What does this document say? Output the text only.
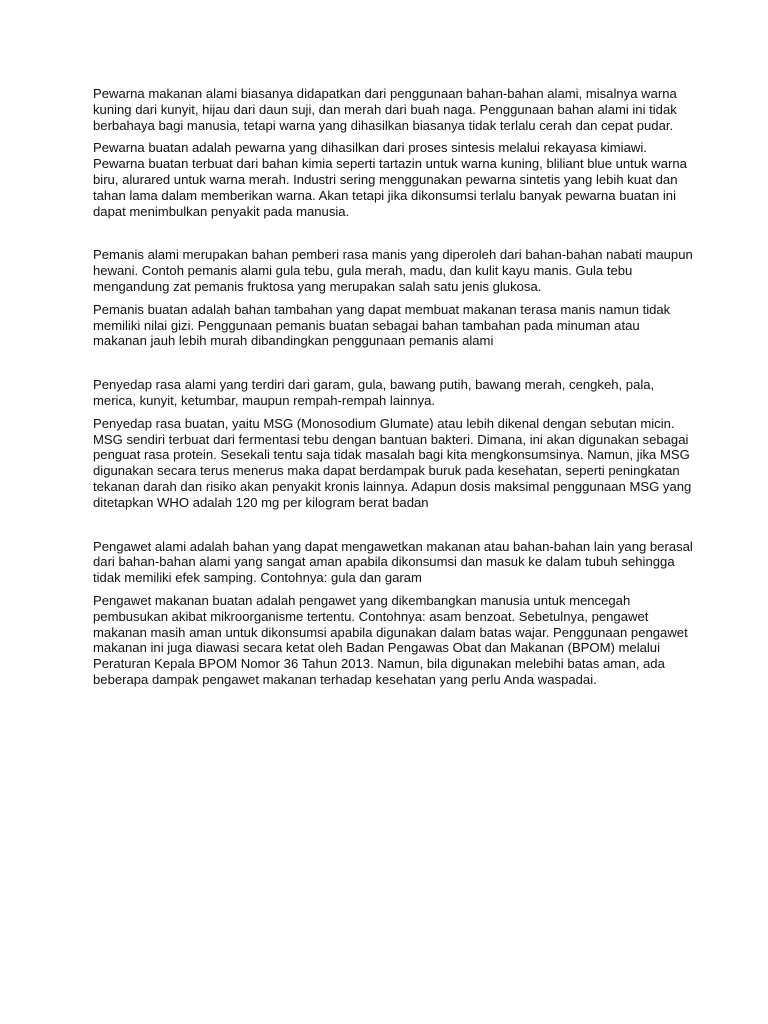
Pewarna makanan alami biasanya didapatkan dari penggunaan bahan-bahan alami, misalnya warna kuning dari kunyit, hijau dari daun suji, dan merah dari buah naga. Penggunaan bahan alami ini tidak berbahaya bagi manusia, tetapi warna yang dihasilkan biasanya tidak terlalu cerah dan cepat pudar.

Pewarna buatan adalah pewarna yang dihasilkan dari proses sintesis melalui rekayasa kimiawi. Pewarna buatan terbuat dari bahan kimia seperti tartazin untuk warna kuning, bliliant blue untuk warna biru, alurared untuk warna merah. Industri sering menggunakan pewarna sintetis yang lebih kuat dan tahan lama dalam memberikan warna. Akan tetapi jika dikonsumsi terlalu banyak pewarna buatan ini dapat menimbulkan penyakit pada manusia.

Pemanis alami merupakan bahan pemberi rasa manis yang diperoleh dari bahan-bahan nabati maupun hewani. Contoh pemanis alami gula tebu, gula merah, madu, dan kulit kayu manis. Gula tebu mengandung zat pemanis fruktosa yang merupakan salah satu jenis glukosa.

Pemanis buatan adalah bahan tambahan yang dapat membuat makanan terasa manis namun tidak memiliki nilai gizi. Penggunaan pemanis buatan sebagai bahan tambahan pada minuman atau makanan jauh lebih murah dibandingkan penggunaan pemanis alami

Penyedap rasa alami yang terdiri dari garam, gula, bawang putih, bawang merah, cengkeh, pala, merica, kunyit, ketumbar, maupun rempah-rempah lainnya.

Penyedap rasa buatan, yaitu MSG (Monosodium Glumate) atau lebih dikenal dengan sebutan micin. MSG sendiri terbuat dari fermentasi tebu dengan bantuan bakteri. Dimana, ini akan digunakan sebagai penguat rasa protein. Sesekali tentu saja tidak masalah bagi kita mengkonsumsinya. Namun, jika MSG digunakan secara terus menerus maka dapat berdampak buruk pada kesehatan, seperti peningkatan tekanan darah dan risiko akan penyakit kronis lainnya. Adapun dosis maksimal penggunaan MSG yang ditetapkan WHO adalah 120 mg per kilogram berat badan

Pengawet alami adalah bahan yang dapat mengawetkan makanan atau bahan-bahan lain yang berasal dari bahan-bahan alami yang sangat aman apabila dikonsumsi dan masuk ke dalam tubuh sehingga tidak memiliki efek samping. Contohnya: gula dan garam

Pengawet makanan buatan adalah pengawet yang dikembangkan manusia untuk mencegah pembusukan akibat mikroorganisme tertentu. Contohnya: asam benzoat. Sebetulnya, pengawet makanan masih aman untuk dikonsumsi apabila digunakan dalam batas wajar. Penggunaan pengawet makanan ini juga diawasi secara ketat oleh Badan Pengawas Obat dan Makanan (BPOM) melalui Peraturan Kepala BPOM Nomor 36 Tahun 2013. Namun, bila digunakan melebihi batas aman, ada beberapa dampak pengawet makanan terhadap kesehatan yang perlu Anda waspadai.
